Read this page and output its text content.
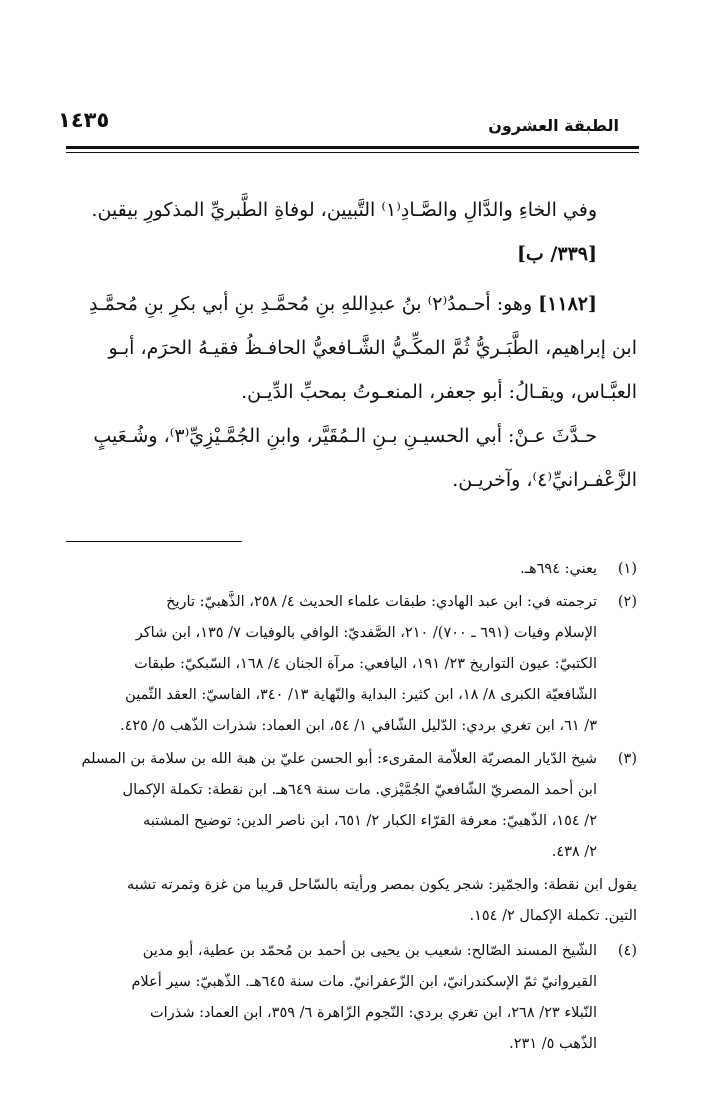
الطبقة العشرون
١٤٣٥
وفي الخاءِ والدَّالِ والصَّـادِ⁽١⁾ التَّبيين، لوفاةِ الطَّبريِّ المذكورِ بيقين.
[٣٣٩/ ب]
[١١٨٢] وهو: أحـمدُ⁽٢⁾ بنُ عبدِاللهِ بنِ مُحمَّـدِ بنِ أبي بكرِ بنِ مُحمَّـدِ
ابن إبراهيم، الطَّبَـريُّ ثُمَّ المكِّـيُّ الشَّـافعيُّ الحافـظُ فقيـهُ الحرَم، أبـو
العبَّـاس، ويقـالُ: أبو جعفر، المنعـوتُ بمحبِّ الدِّيـن.
حـدَّثَ عـنْ: أبي الحسيـنِ بـنِ الـمُقَيَّر، وابنِ الجُمَّـيْزِيِّ⁽٣⁾، وشُـعَيبٍ
الزَّعْفـرانيِّ⁽٤⁾، وآخريـن.
(١)
يعني: ٦٩٤هـ.
(٢)
ترجمته في: ابن عبد الهادي: طبقات علماء الحديث ٤/ ٢٥٨، الذَّهبيّ: تاريخ
الإسلام وفيات (٦٩١ ـ ٧٠٠)/ ٢١٠، الصَّفديّ: الوافي بالوفيات ٧/ ١٣٥، ابن شاكر
الكتبيّ: عيون التواريخ ٢٣/ ١٩١، اليافعي: مرآة الجنان ٤/ ١٦٨، السّبكيّ: طبقات
الشّافعيّة الكبرى ٨/ ١٨، ابن كثير: البداية والنّهاية ١٣/ ٣٤٠، الفاسيّ: العقد الثّمين
٣/ ٦١، ابن تغري بردي: الدّليل الشّافي ١/ ٥٤، ابن العماد: شذرات الذّهب ٥/ ٤٢٥.
(٣)
شيخ الدّيار المصريّة العلاّمة المقرىء: أبو الحسن عليّ بن هبة الله بن سلامة بن المسلم
ابن أحمد المصريّ الشّافعيّ الجُمَّيْزي. مات سنة ٦٤٩هـ. ابن نقطة: تكملة الإكمال
٢/ ١٥٤، الذّهبيّ: معرفة القرّاء الكبار ٢/ ٦٥١، ابن ناصر الدين: توضيح المشتبه
٢/ ٤٣٨.
يقول ابن نقطة: والجمّيز: شجر يكون بمصر ورأيته بالسّاحل قريبا من غزة وثمرته تشبه
التين. تكملة الإكمال ٢/ ١٥٤.
(٤)
الشّيخ المسند الصّالح: شعيب بن يحيى بن أحمد بن مُحمّد بن عطية، أبو مدين
القيروانيّ ثمّ الإسكندرانيّ، ابن الزّعفرانيّ. مات سنة ٦٤٥هـ. الذّهبيّ: سير أعلام
النّبلاء ٢٣/ ٢٦٨، ابن تغري بردي: النّجوم الزّاهرة ٦/ ٣٥٩، ابن العماد: شذرات
الذّهب ٥/ ٢٣١.
